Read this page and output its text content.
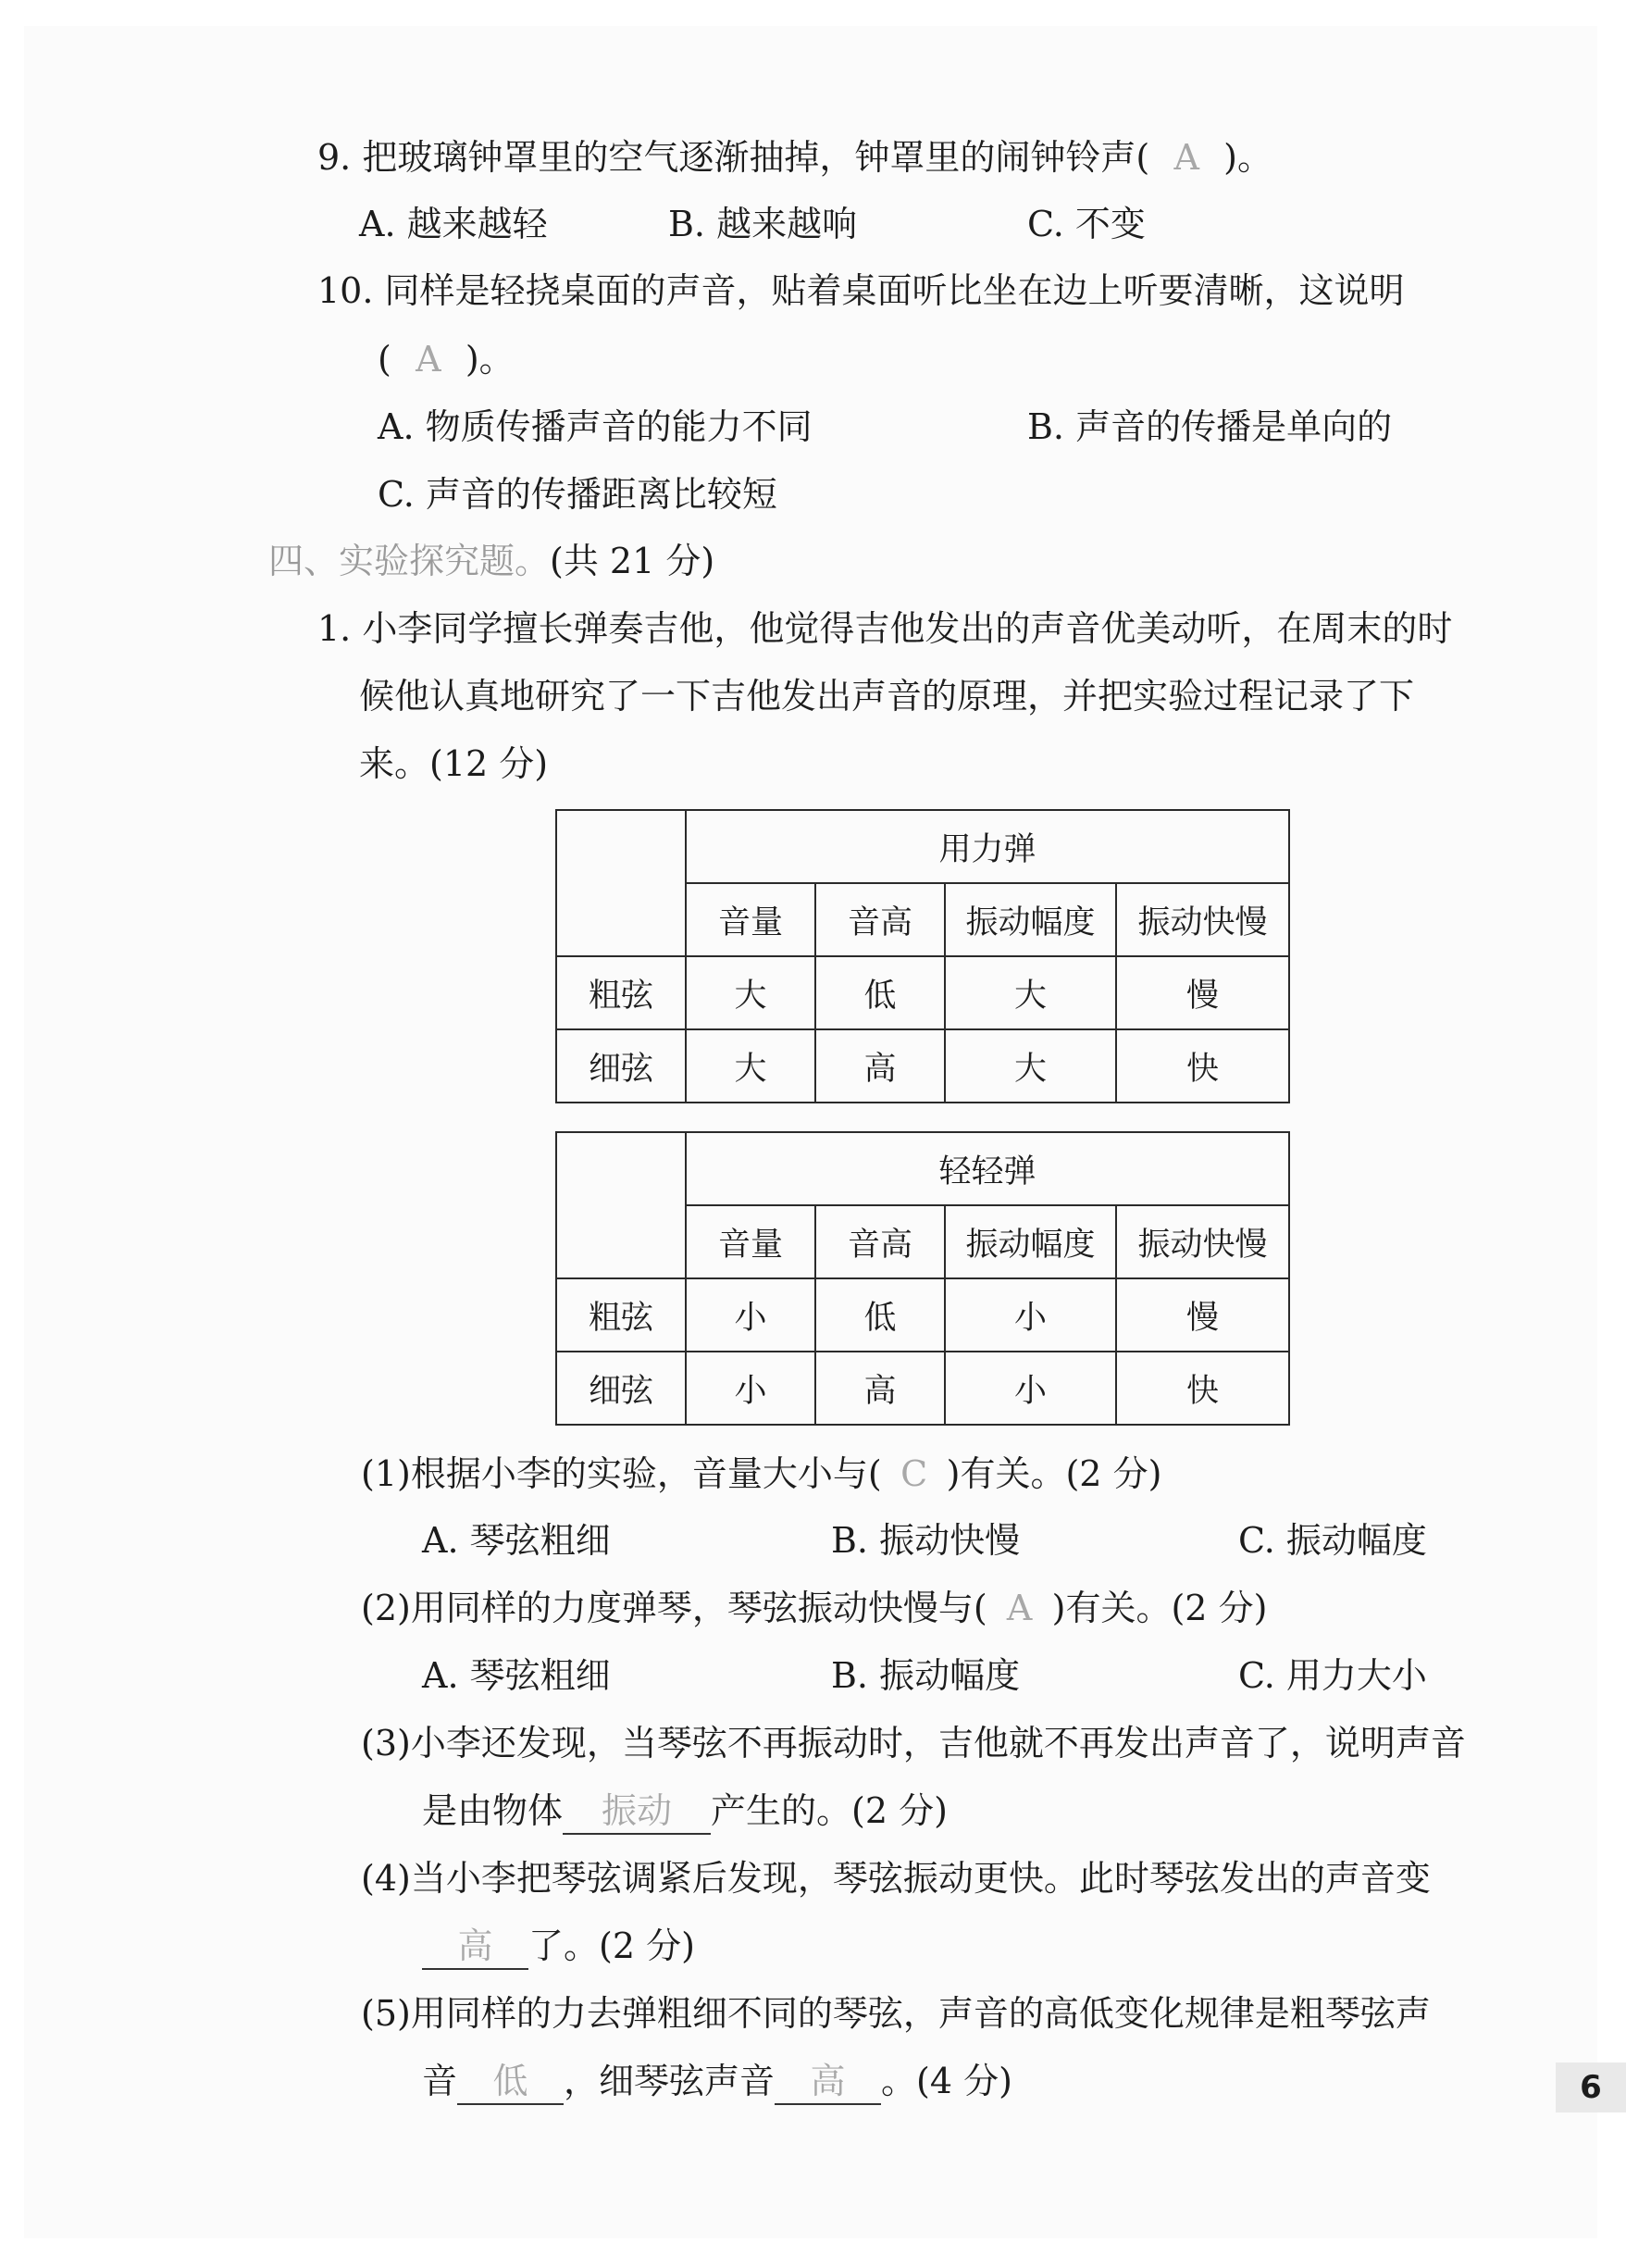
9. 把玻璃钟罩里的空气逐渐抽掉，钟罩里的闹钟铃声( A )。
A. 越来越轻	B. 越来越响	C. 不变
10. 同样是轻挠桌面的声音，贴着桌面听比坐在边上听要清晰，这说明
( A )。
A. 物质传播声音的能力不同	B. 声音的传播是单向的
C. 声音的传播距离比较短
四、实验探究题。(共 21 分)
1. 小李同学擅长弹奏吉他，他觉得吉他发出的声音优美动听，在周末的时
候他认真地研究了一下吉他发出声音的原理，并把实验过程记录了下
来。(12 分)
	用力弹			
	音量	音高	振动幅度	振动快慢
粗弦	大	低	大	慢
细弦	大	高	大	快
	轻轻弹			
	音量	音高	振动幅度	振动快慢
粗弦	小	低	小	慢
细弦	小	高	小	快
(1)根据小李的实验，音量大小与( C )有关。(2 分)
A. 琴弦粗细	B. 振动快慢	C. 振动幅度
(2)用同样的力度弹琴，琴弦振动快慢与( A )有关。(2 分)
A. 琴弦粗细	B. 振动幅度	C. 用力大小
(3)小李还发现，当琴弦不再振动时，吉他就不再发出声音了，说明声音
是由物体 振动 产生的。(2 分)
(4)当小李把琴弦调紧后发现，琴弦振动更快。此时琴弦发出的声音变
高 了。(2 分)
(5)用同样的力去弹粗细不同的琴弦，声音的高低变化规律是粗琴弦声
音 低 ，细琴弦声音 高 。(4 分)	6
